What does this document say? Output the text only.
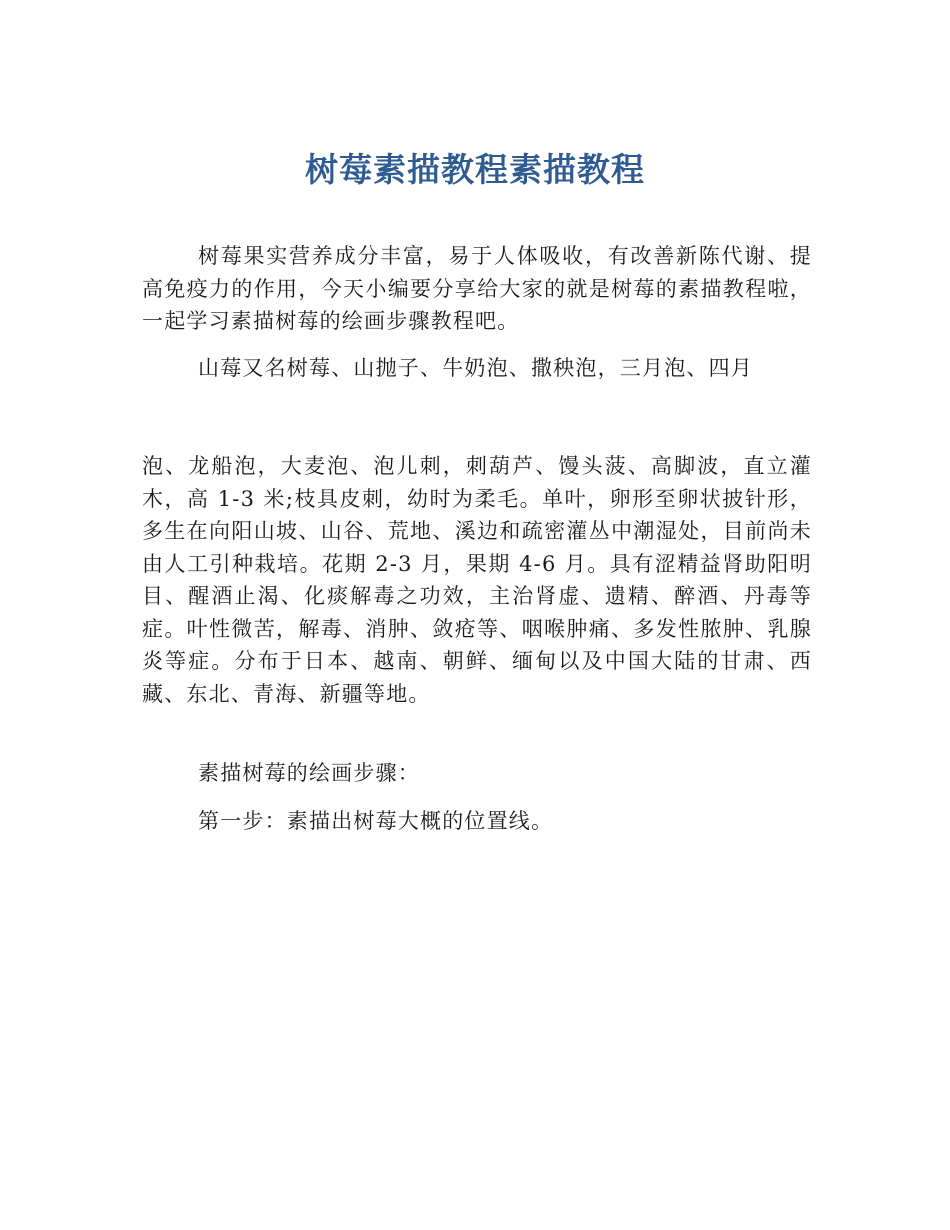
树莓素描教程素描教程
树莓果实营养成分丰富，易于人体吸收，有改善新陈代谢、提高免疫力的作用，今天小编要分享给大家的就是树莓的素描教程啦，一起学习素描树莓的绘画步骤教程吧。
山莓又名树莓、山抛子、牛奶泡、撒秧泡，三月泡、四月
泡、龙船泡，大麦泡、泡儿刺，刺葫芦、馒头菠、高脚波，直立灌木，高 1-3 米;枝具皮刺，幼时为柔毛。单叶，卵形至卵状披针形，多生在向阳山坡、山谷、荒地、溪边和疏密灌丛中潮湿处，目前尚未由人工引种栽培。花期 2-3 月，果期 4-6 月。具有涩精益肾助阳明目、醒酒止渴、化痰解毒之功效，主治肾虚、遗精、醉酒、丹毒等症。叶性微苦，解毒、消肿、敛疮等、咽喉肿痛、多发性脓肿、乳腺炎等症。分布于日本、越南、朝鲜、缅甸以及中国大陆的甘肃、西藏、东北、青海、新疆等地。
素描树莓的绘画步骤：
第一步：素描出树莓大概的位置线。
